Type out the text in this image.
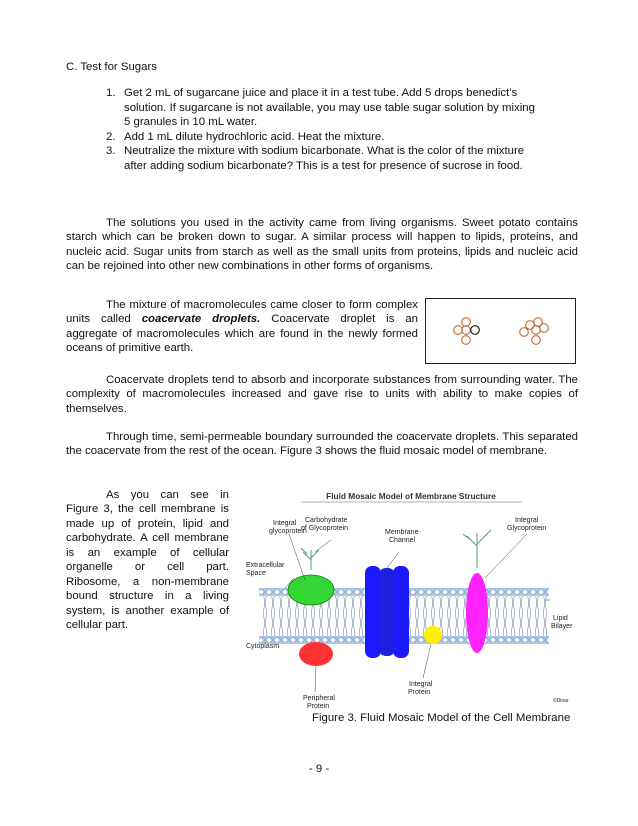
C. Test for Sugars
1. Get 2 mL of sugarcane juice and place it in a test tube. Add 5 drops benedict’s
solution. If sugarcane is not available, you may use table sugar solution by mixing
5 granules in 10 mL water.
2. Add 1 mL dilute hydrochloric acid. Heat the mixture.
3. Neutralize the mixture with sodium bicarbonate. What is the color of the mixture
after adding sodium bicarbonate? This is a test for presence of sucrose in food.

The solutions you used in the activity came from living organisms. Sweet potato contains starch which can be broken down to sugar. A similar process will happen to lipids, proteins, and nucleic acid. Sugar units from starch as well as the small units from proteins, lipids and nucleic acid can be rejoined into other new combinations in other forms of organisms.

The mixture of macromolecules came closer to form complex units called coacervate droplets. Coacervate droplet is an aggregate of macromolecules which are found in the newly formed oceans of primitive earth.

Coacervate droplets tend to absorb and incorporate substances from surrounding water. The complexity of macromolecules increased and gave rise to units with ability to make copies of themselves.

Through time, semi-permeable boundary surrounded the coacervate droplets. This separated the coacervate from the rest of the ocean. Figure 3 shows the fluid mosaic model of membrane.

As you can see in Figure 3, the cell membrane is made up of protein, lipid and carbohydrate. A cell membrane is an example of cellular organelle or cell part. Ribosome, a non-membrane bound structure in a living system, is another example of cellular part.

Fluid Mosaic Model of Membrane Structure
Integral
glycoprotein
Carbohydrate
of Glycoprotein
Membrane
Channel
Integral
Glycoprotein
Extracellular
Space
Lipid
Bilayer
Cytoplasm
Peripheral
Protein
Integral
Protein
©Dinar
Figure 3. Fluid Mosaic Model of the Cell Membrane
- 9 -
